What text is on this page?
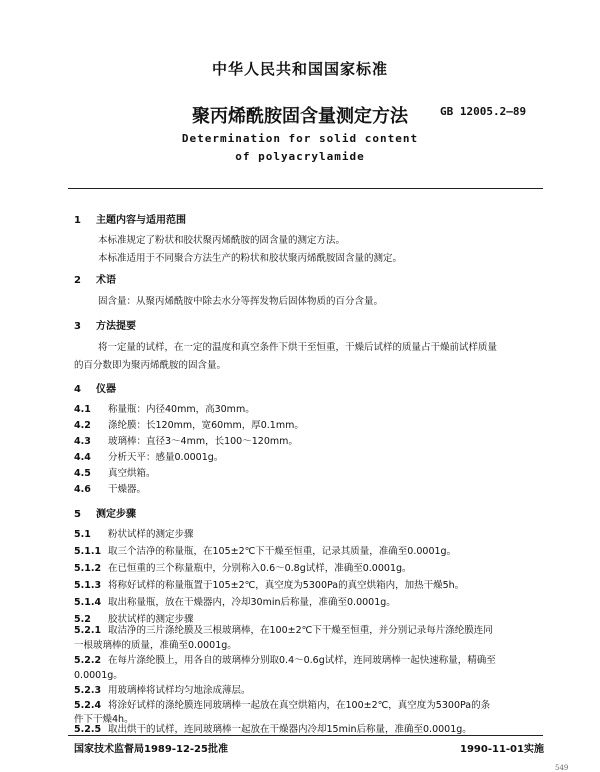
中华人民共和国国家标准
聚丙烯酰胺固含量测定方法	GB 12005.2—89
Determination for solid content
of polyacrylamide
1 主题内容与适用范围
本标准规定了粉状和胶状聚丙烯酰胺的固含量的测定方法。
本标准适用于不同聚合方法生产的粉状和胶状聚丙烯酰胺固含量的测定。
2 术语
固含量：从聚丙烯酰胺中除去水分等挥发物后固体物质的百分含量。
3 方法提要
将一定量的试样，在一定的温度和真空条件下烘干至恒重，干燥后试样的质量占干燥前试样质量
的百分数即为聚丙烯酰胺的固含量。
4 仪器
4.1 称量瓶：内径40mm，高30mm。
4.2 涤纶膜：长120mm，宽60mm，厚0.1mm。
4.3 玻璃棒：直径3～4mm，长100～120mm。
4.4 分析天平：感量0.0001g。
4.5 真空烘箱。
4.6 干燥器。
5 测定步骤
5.1 粉状试样的测定步骤
5.1.1 取三个洁净的称量瓶，在105±2℃下干燥至恒重，记录其质量，准确至0.0001g。
5.1.2 在已恒重的三个称量瓶中，分别称入0.6～0.8g试样，准确至0.0001g。
5.1.3 将称好试样的称量瓶置于105±2℃，真空度为5300Pa的真空烘箱内，加热干燥5h。
5.1.4 取出称量瓶，放在干燥器内，冷却30min后称量，准确至0.0001g。
5.2 胶状试样的测定步骤
5.2.1 取洁净的三片涤纶膜及三根玻璃棒，在100±2℃下干燥至恒重，并分别记录每片涤纶膜连同
一根玻璃棒的质量，准确至0.0001g。
5.2.2 在每片涤纶膜上，用各自的玻璃棒分别取0.4～0.6g试样，连同玻璃棒一起快速称量，精确至
0.0001g。
5.2.3 用玻璃棒将试样均匀地涂成薄层。
5.2.4 将涂好试样的涤纶膜连同玻璃棒一起放在真空烘箱内，在100±2℃，真空度为5300Pa的条
件下干燥4h。
国家技术监督局1989-12-25批准	1990-11-01实施
549
5.2.5 取出烘干的试样，连同玻璃棒一起放在干燥器内冷却15min后称量，准确至0.0001g。
